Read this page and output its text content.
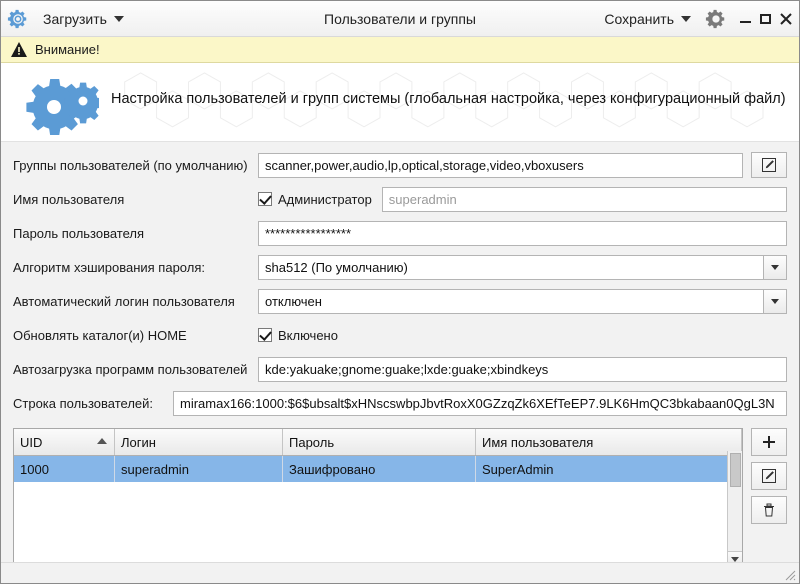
Загрузить	Пользователи и группы	Сохранить
Внимание!
Настройка пользователей и групп системы (глобальная настройка, через конфигурационный файл)
Группы пользователей (по умолчанию)	scanner,power,audio,lp,optical,storage,video,vboxusers
Имя пользователя	Администратор	superadmin
Пароль пользователя	*****************
Алгоритм хэширования пароля:	sha512 (По умолчанию)
Автоматический логин пользователя	отключен
Обновлять каталог(и) HOME	Включено
Автозагрузка программ пользователей	kde:yakuake;gnome:guake;lxde:guake;xbindkeys
Строка пользователей:	miramax166:1000:$6$ubsalt$xHNscswbpJbvtRoxX0GZzqZk6XEfTeEP7.9LK6HmQC3bkabaan0QgL3N
UID	Логин	Пароль	Имя пользователя
1000	superadmin	Зашифровано	SuperAdmin
